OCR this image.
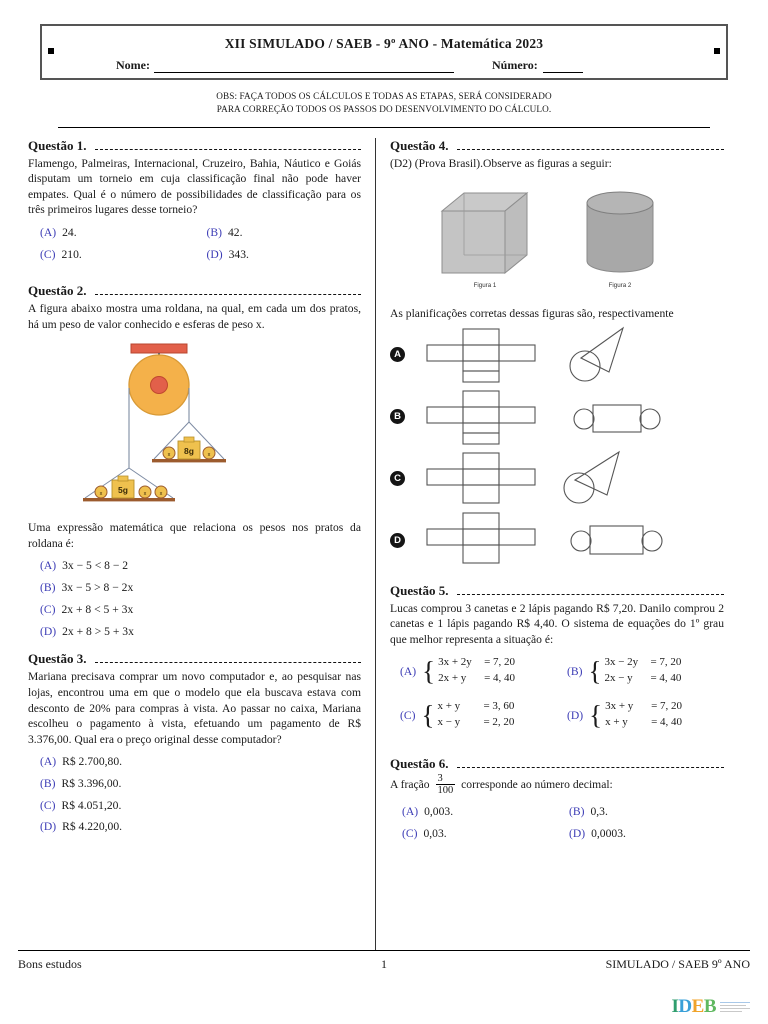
XII SIMULADO / SAEB - 9º ANO - Matemática 2023
Nome:	Número:
OBS: FAÇA TODOS OS CÁLCULOS E TODAS AS ETAPAS, SERÁ CONSIDERADO
PARA CORREÇÃO TODOS OS PASSOS DO DESENVOLVIMENTO DO CÁLCULO.
Questão 1.

Flamengo, Palmeiras, Internacional, Cruzeiro, Bahia, Náutico e Goiás disputam um torneio em cuja classificação final não pode haver empates. Qual é o número de possibilidades de classificação para os três primeiros lugares desse torneio?

(A) 24.	(B) 42.
(C) 210.	(D) 343.
Questão 2.

A figura abaixo mostra uma roldana, na qual, em cada um dos pratos, há um peso de valor conhecido e esferas de peso x.

8g
x	x
5g
x	x x

Uma expressão matemática que relaciona os pesos nos pratos da roldana é:

(A) 3x − 5 < 8 − 2
(B) 3x − 5 > 8 − 2x
(C) 2x + 8 < 5 + 3x
(D) 2x + 8 > 5 + 3x
Questão 3.

Mariana precisava comprar um novo computador e, ao pesquisar nas lojas, encontrou uma em que o modelo que ela buscava estava com desconto de 20% para compras à vista. Ao passar no caixa, Mariana escolheu o pagamento à vista, efetuando um pagamento de R$ 3.376,00. Qual era o preço original desse computador?

(A) R$ 2.700,80.
(B) R$ 3.396,00.
(C) R$ 4.051,20.
(D) R$ 4.220,00.
Questão 4.

(D2) (Prova Brasil).Observe as figuras a seguir:

Figura 1	Figura 2

As planificações corretas dessas figuras são, respectivamente

A
B
C
D
Questão 5.

Lucas comprou 3 canetas e 2 lápis pagando R$ 7,20. Danilo comprou 2 canetas e 1 lápis pagando R$ 4,40. O sistema de equações do 1º grau que melhor representa a situação é:

(A) { 3x + 2y	= 7, 20
2x + y	= 4, 40
(B) { 3x − 2y	= 7, 20
2x − y	= 4, 40
(C) { x + y	= 3, 60
x − y	= 2, 20
(D) { 3x + y	= 7, 20
x + y	= 4, 40
Questão 6.

A fração $\frac{3}{100}$ corresponde ao número decimal:

(A) 0,003.	(B) 0,3.
(C) 0,03.	(D) 0,0003.
Bons estudos	1	SIMULADO / SAEB 9º ANO
IDEB
